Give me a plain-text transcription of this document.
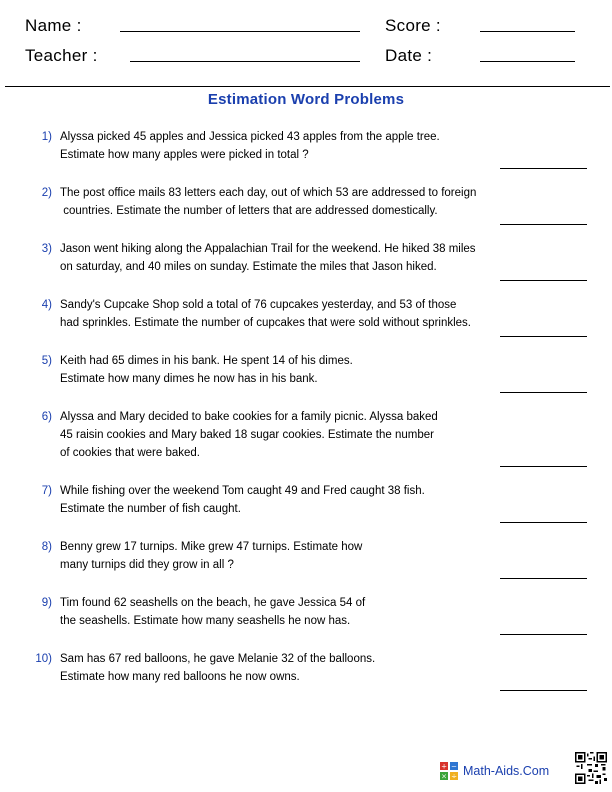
Name :	Score :
Teacher :	Date :
Estimation Word Problems
1) Alyssa picked 45 apples and Jessica picked 43 apples from the apple tree.
Estimate how many apples were picked in total ?
2) The post office mails 83 letters each day, out of which 53 are addressed to foreign
countries. Estimate the number of letters that are addressed domestically.
3) Jason went hiking along the Appalachian Trail for the weekend. He hiked 38 miles
on saturday, and 40 miles on sunday. Estimate the miles that Jason hiked.
4) Sandy's Cupcake Shop sold a total of 76 cupcakes yesterday, and 53 of those
had sprinkles. Estimate the number of cupcakes that were sold without sprinkles.
5) Keith had 65 dimes in his bank. He spent 14 of his dimes.
Estimate how many dimes he now has in his bank.
6) Alyssa and Mary decided to bake cookies for a family picnic. Alyssa baked
45 raisin cookies and Mary baked 18 sugar cookies. Estimate the number
of cookies that were baked.
7) While fishing over the weekend Tom caught 49 and Fred caught 38 fish.
Estimate the number of fish caught.
8) Benny grew 17 turnips. Mike grew 47 turnips. Estimate how
many turnips did they grow in all ?
9) Tim found 62 seashells on the beach, he gave Jessica 54 of
the seashells. Estimate how many seashells he now has.
10) Sam has 67 red balloons, he gave Melanie 32 of the balloons.
Estimate how many red balloons he now owns.
+ −
× ÷ Math-Aids.Com
